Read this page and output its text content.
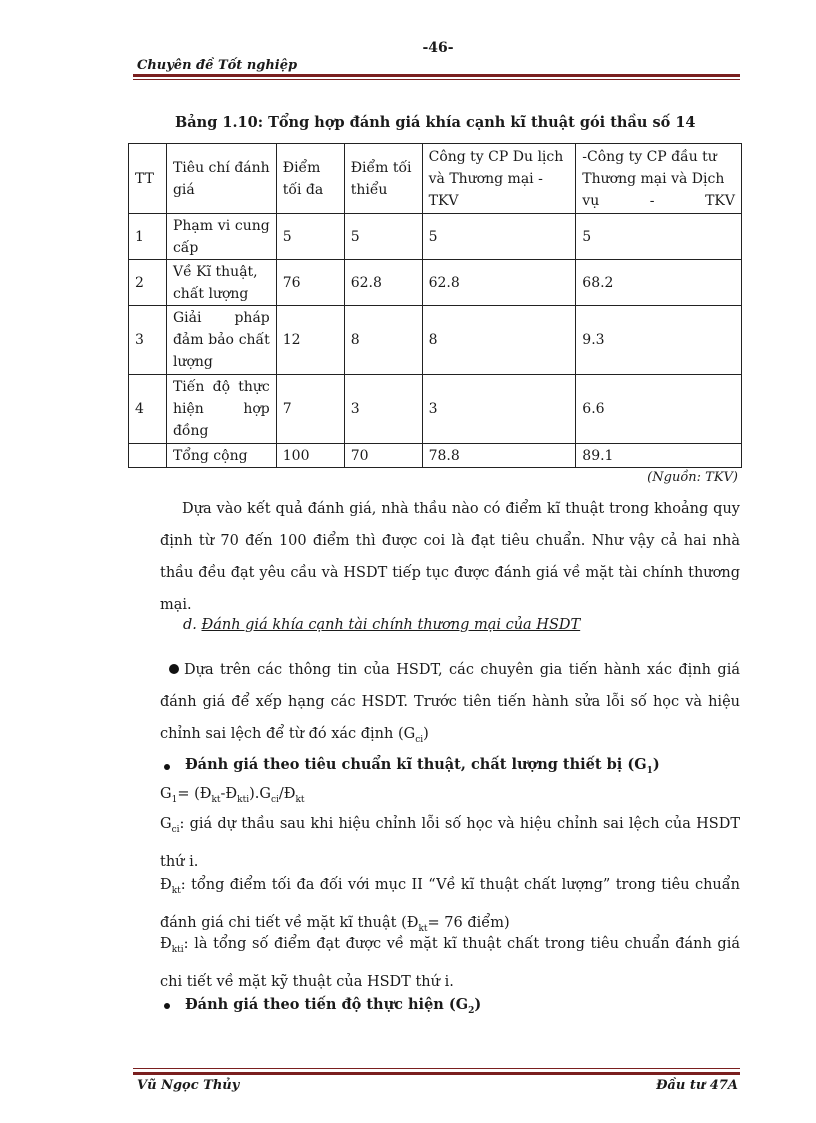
-46-
Chuyên đề Tốt nghiệp
Bảng 1.10: Tổng hợp đánh giá khía cạnh kĩ thuật gói thầu số 14
TT	Tiêu chí đánh giá	Điểm tối đa	Điểm tối thiểu	Công ty CP Du lịch và Thương mại - TKV	-Công ty CP đầu tư Thương mại và Dịch vụ - TKV
1	Phạm vi cung cấp	5	5	5	5
2	Về Kĩ thuật, chất lượng	76	62.8	62.8	68.2
3	Giải pháp đảm bảo chất lượng	12	8	8	9.3
4	Tiến độ thực hiện hợp đồng	7	3	3	6.6
	Tổng cộng	100	70	78.8	89.1
(Nguồn: TKV)
Dựa vào kết quả đánh giá, nhà thầu nào có điểm kĩ thuật trong khoảng quy định từ 70 đến 100 điểm thì được coi là đạt tiêu chuẩn. Như vậy cả hai nhà thầu đều đạt yêu cầu và HSDT tiếp tục được đánh giá về mặt tài chính thương mại.
d. Đánh giá khía cạnh tài chính thương mại của HSDT
Dựa trên các thông tin của HSDT, các chuyên gia tiến hành xác định giá đánh giá để xếp hạng các HSDT. Trước tiên tiến hành sửa lỗi số học và hiệu chỉnh sai lệch để từ đó xác định $(G_{ci})$
Đánh giá theo tiêu chuẩn kĩ thuật, chất lượng thiết bị $(G_1)$
$G_1=$ $(Đ_{kt}-Đ_{kti}).G_{ci}/Đ_{kt}$
$G_{ci}$: giá dự thầu sau khi hiệu chỉnh lỗi số học và hiệu chỉnh sai lệch của HSDT thứ i.
$Đ_{kt}$: tổng điểm tối đa đối với mục II “Về kĩ thuật chất lượng” trong tiêu chuẩn đánh giá chi tiết về mặt kĩ thuật ($Đ_{kt}= 76$ điểm)
$Đ_{kti}$: là tổng số điểm đạt được về mặt kĩ thuật chất trong tiêu chuẩn đánh giá chi tiết về mặt kỹ thuật của HSDT thứ i.
Đánh giá theo tiến độ thực hiện $(G_2)$
Vũ Ngọc Thủy	Đầu tư 47A
